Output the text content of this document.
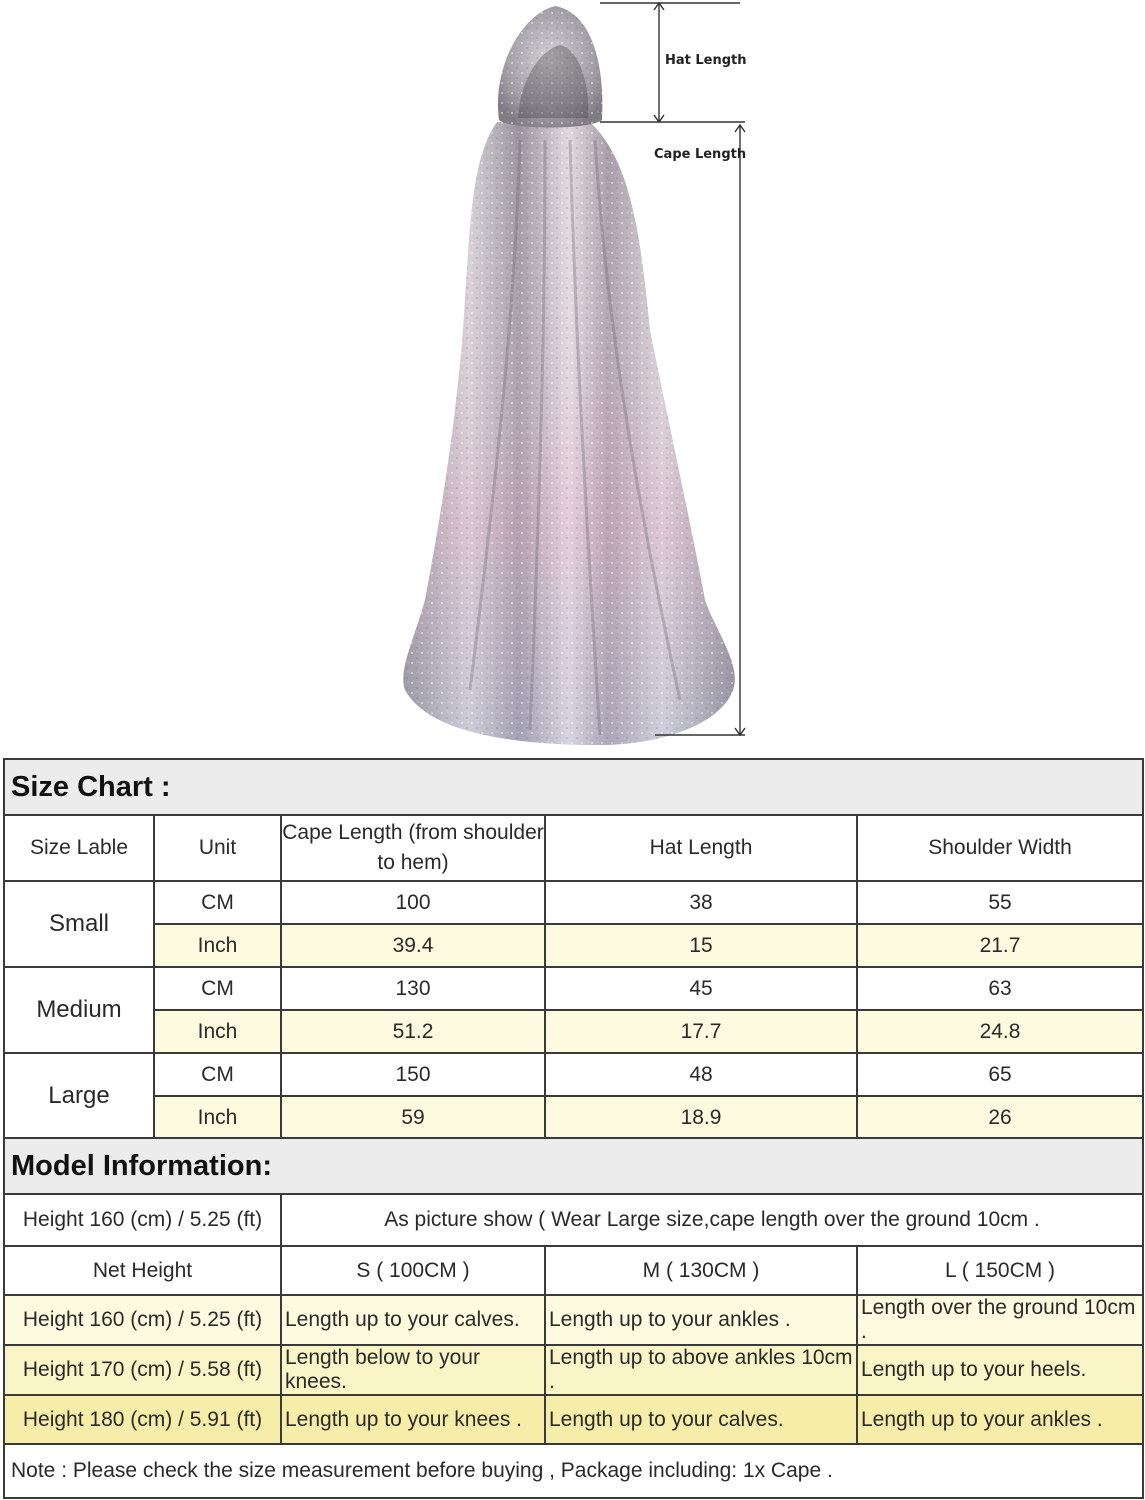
Hat Length
Cape Length
Size Chart :				
Size Lable	Unit	Cape Length (from shoulder to hem)	Hat Length	Shoulder Width
Small	CM	100	38	55
	Inch	39.4	15	21.7
Medium	CM	130	45	63
	Inch	51.2	17.7	24.8
Large	CM	150	48	65
	Inch	59	18.9	26
Model Information:			
Height 160 (cm) / 5.25 (ft)	As picture show ( Wear Large size,cape length over the ground 10cm .		
Net Height	S ( 100CM )	M ( 130CM )	L ( 150CM )
Height 160 (cm) / 5.25 (ft)	Length up to your calves.	Length up to your ankles .	Length over the ground 10cm .
Height 170 (cm) / 5.58 (ft)	Length below to your knees.	Length up to above ankles 10cm .	Length up to your heels.
Height 180 (cm) / 5.91 (ft)	Length up to your knees .	Length up to your calves.	Length up to your ankles .
Note : Please check the size measurement before buying , Package including: 1x Cape .			
